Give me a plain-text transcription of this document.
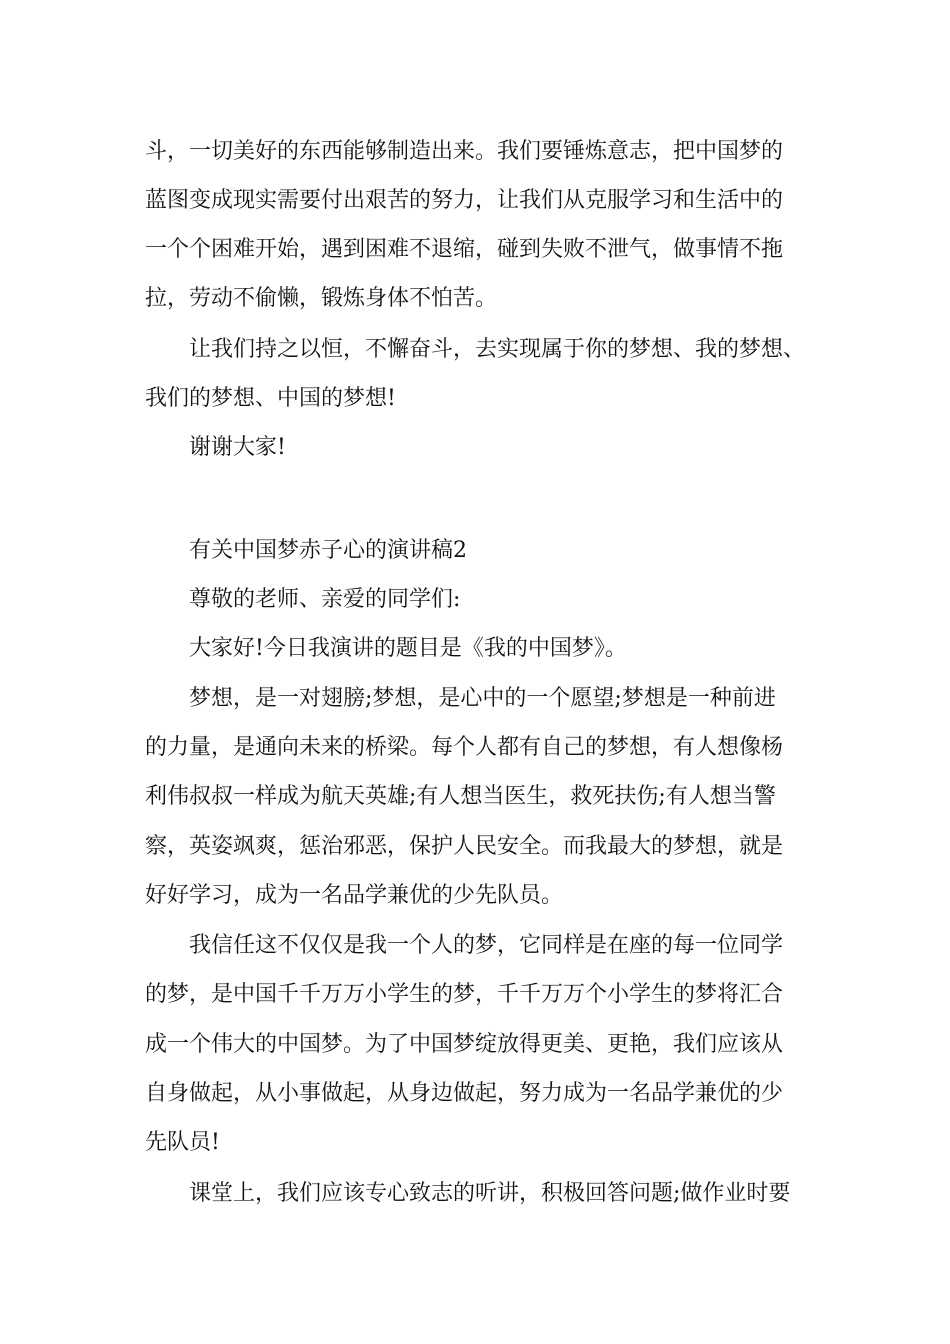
斗，一切美好的东西能够制造出来。我们要锤炼意志，把中国梦的
蓝图变成现实需要付出艰苦的努力，让我们从克服学习和生活中的
一个个困难开始，遇到困难不退缩，碰到失败不泄气，做事情不拖
拉，劳动不偷懒，锻炼身体不怕苦。
让我们持之以恒，不懈奋斗，去实现属于你的梦想、我的梦想、
我们的梦想、中国的梦想!
谢谢大家!
有关中国梦赤子心的演讲稿2
尊敬的老师、亲爱的同学们:
大家好!今日我演讲的题目是《我的中国梦》。
梦想，是一对翅膀;梦想，是心中的一个愿望;梦想是一种前进
的力量，是通向未来的桥梁。每个人都有自己的梦想，有人想像杨
利伟叔叔一样成为航天英雄;有人想当医生，救死扶伤;有人想当警
察，英姿飒爽，惩治邪恶，保护人民安全。而我最大的梦想，就是
好好学习，成为一名品学兼优的少先队员。
我信任这不仅仅是我一个人的梦，它同样是在座的每一位同学
的梦，是中国千千万万小学生的梦，千千万万个小学生的梦将汇合
成一个伟大的中国梦。为了中国梦绽放得更美、更艳，我们应该从
自身做起，从小事做起，从身边做起，努力成为一名品学兼优的少
先队员!
课堂上，我们应该专心致志的听讲，积极回答问题;做作业时要
